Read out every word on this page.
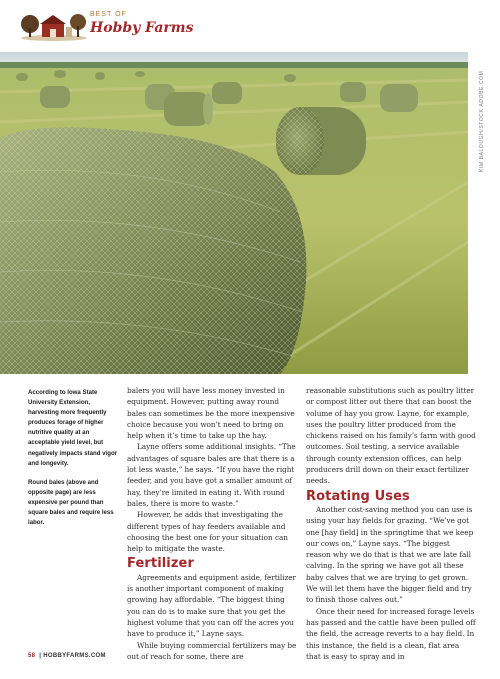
BEST OF
Hobby Farms
KIM BALOUGH/STOCK.ADOBE.COM

According to Iowa State University Extension, harvesting more frequently produces forage of higher nutritive quality at an acceptable yield level, but negatively impacts stand vigor and longevity.

Round bales (above and opposite page) are less expensive per pound than square bales and require less labor.

balers you will have less money invested in equipment. However, putting away round bales can sometimes be the more inexpensive choice because you won’t need to bring on help when it’s time to take up the hay.

Layne offers some additional insights. “The advantages of square bales are that there is a lot less waste,” he says. “If you have the right feeder, and you have got a smaller amount of hay, they’re limited in eating it. With round bales, there is more to waste.”

However, he adds that investigating the different types of hay feeders available and choosing the best one for your situation can help to mitigate the waste.

Fertilizer

Agreements and equipment aside, fertilizer is another important component of making growing hay affordable. “The biggest thing you can do is to make sure that you get the highest volume that you can off the acres you have to produce it,” Layne says.

While buying commercial fertilizers may be out of reach for some, there are

reasonable substitutions such as poultry litter or compost litter out there that can boost the volume of hay you grow. Layne, for example, uses the poultry litter produced from the chickens raised on his family’s farm with good outcomes. Soil testing, a service available through county extension offices, can help producers drill down on their exact fertilizer needs.

Rotating Uses

Another cost-saving method you can use is using your hay fields for grazing. “We’ve got one [hay field] in the springtime that we keep our cows on,” Layne says. “The biggest reason why we do that is that we are late fall calving. In the spring we have got all these baby calves that we are trying to get grown. We will let them have the bigger field and try to finish those calves out.”

Once their need for increased forage levels has passed and the cattle have been pulled off the field, the acreage reverts to a hay field. In this instance, the field is a clean, flat area that is easy to spray and in

58 | HOBBYFARMS.COM
